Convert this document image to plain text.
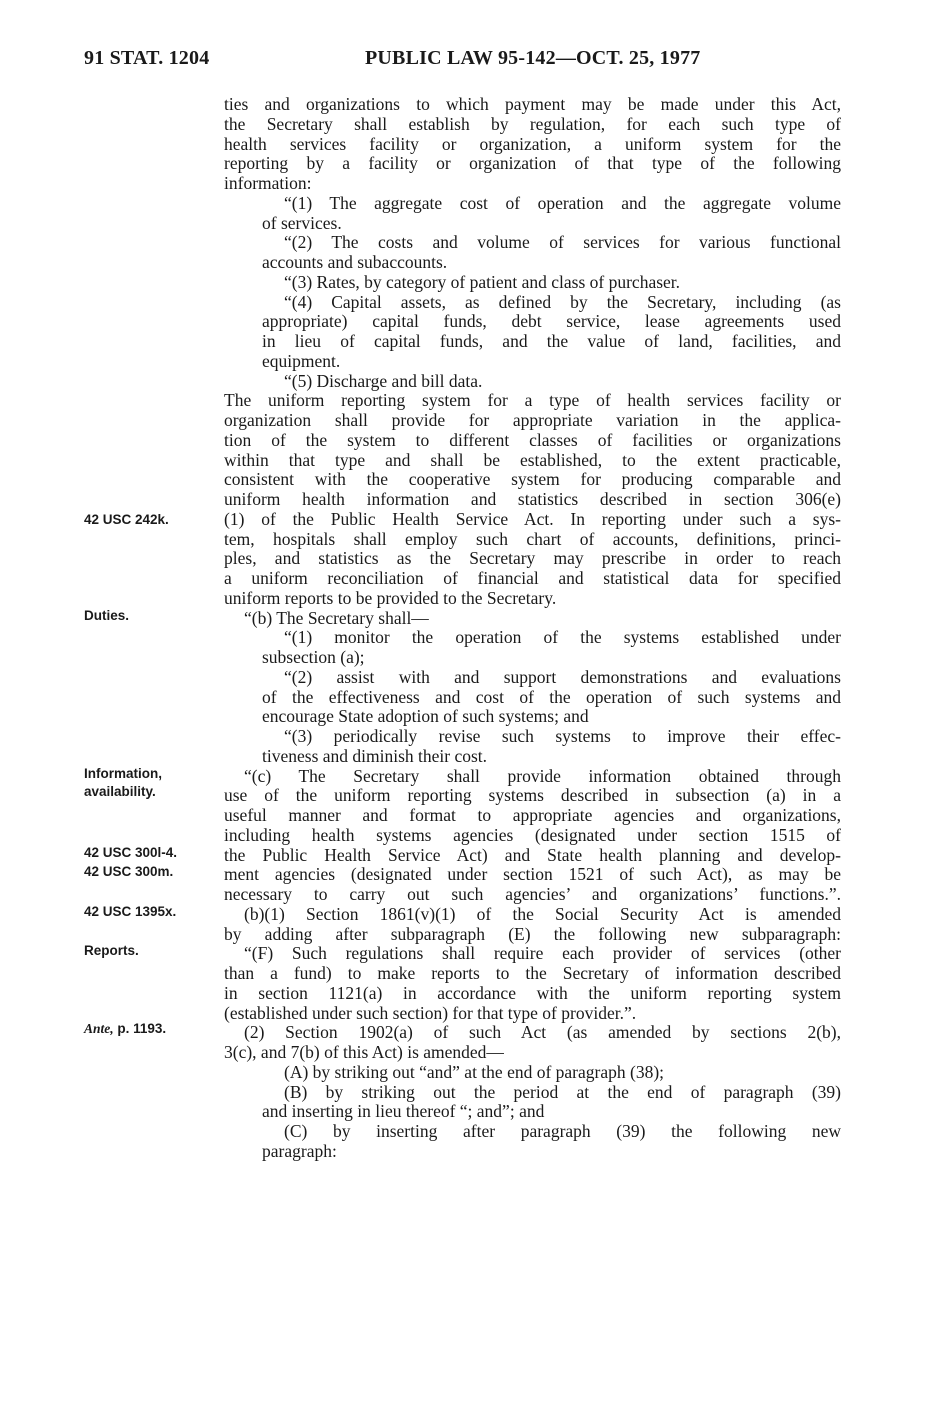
91 STAT. 1204	PUBLIC LAW 95-142—OCT. 25, 1977
42 USC 242k.
Duties.
Information,
availability.
42 USC 300l-4.
42 USC 300m.
42 USC 1395x.
Reports.
Ante, p. 1193.
ties and organizations to which payment may be made under this Act,
the Secretary shall establish by regulation, for each such type of
health services facility or organization, a uniform system for the
reporting by a facility or organization of that type of the following
information:
“(1) The aggregate cost of operation and the aggregate volume
of services.
“(2) The costs and volume of services for various functional
accounts and subaccounts.
“(3) Rates, by category of patient and class of purchaser.
“(4) Capital assets, as defined by the Secretary, including (as
appropriate) capital funds, debt service, lease agreements used
in lieu of capital funds, and the value of land, facilities, and
equipment.
“(5) Discharge and bill data.
The uniform reporting system for a type of health services facility or
organization shall provide for appropriate variation in the applica-
tion of the system to different classes of facilities or organizations
within that type and shall be established, to the extent practicable,
consistent with the cooperative system for producing comparable and
uniform health information and statistics described in section 306(e)
(1) of the Public Health Service Act. In reporting under such a sys-
tem, hospitals shall employ such chart of accounts, definitions, princi-
ples, and statistics as the Secretary may prescribe in order to reach
a uniform reconciliation of financial and statistical data for specified
uniform reports to be provided to the Secretary.
“(b) The Secretary shall—
“(1) monitor the operation of the systems established under
subsection (a);
“(2) assist with and support demonstrations and evaluations
of the effectiveness and cost of the operation of such systems and
encourage State adoption of such systems; and
“(3) periodically revise such systems to improve their effec-
tiveness and diminish their cost.
“(c) The Secretary shall provide information obtained through
use of the uniform reporting systems described in subsection (a) in a
useful manner and format to appropriate agencies and organizations,
including health systems agencies (designated under section 1515 of
the Public Health Service Act) and State health planning and develop-
ment agencies (designated under section 1521 of such Act), as may be
necessary to carry out such agencies’ and organizations’ functions.”.
(b)(1) Section 1861(v)(1) of the Social Security Act is amended
by adding after subparagraph (E) the following new subparagraph:
“(F) Such regulations shall require each provider of services (other
than a fund) to make reports to the Secretary of information described
in section 1121(a) in accordance with the uniform reporting system
(established under such section) for that type of provider.”.
(2) Section 1902(a) of such Act (as amended by sections 2(b),
3(c), and 7(b) of this Act) is amended—
(A) by striking out “and” at the end of paragraph (38);
(B) by striking out the period at the end of paragraph (39)
and inserting in lieu thereof “; and”; and
(C) by inserting after paragraph (39) the following new
paragraph:
